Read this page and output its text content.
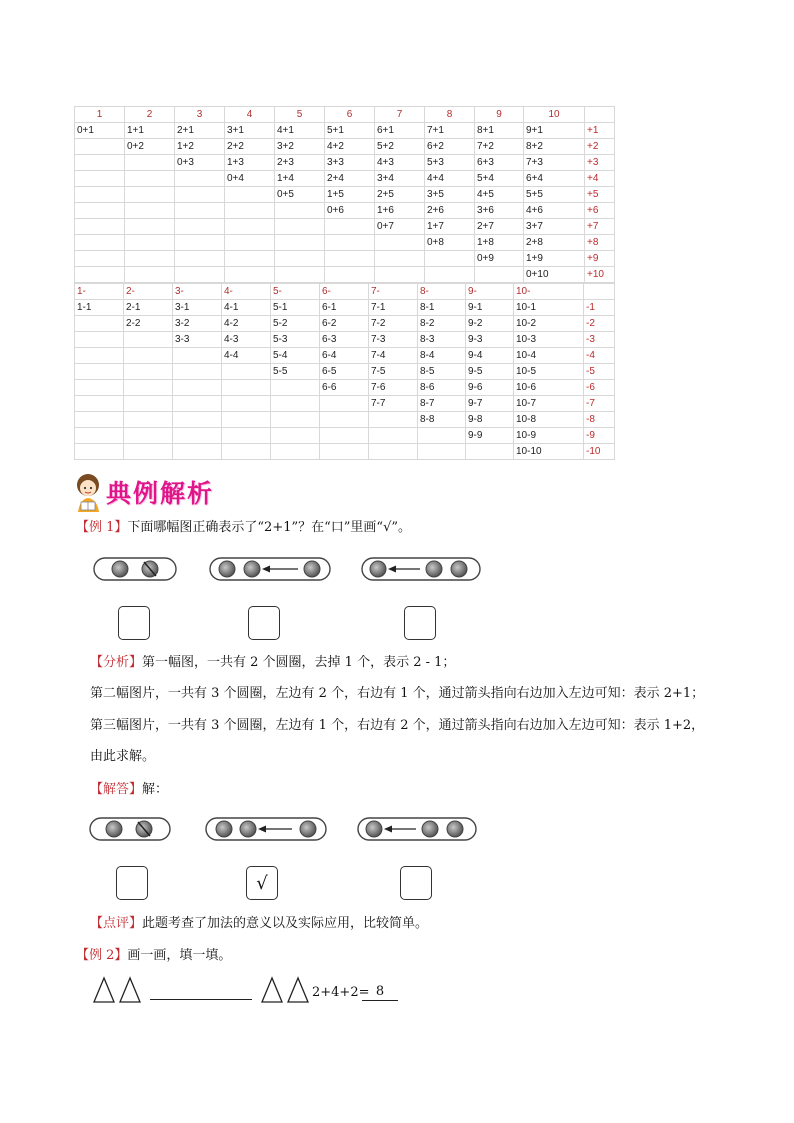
1	2	3	4	5	6	7	8	9	10	
0+1	1+1	2+1	3+1	4+1	5+1	6+1	7+1	8+1	9+1	+1
	0+2	1+2	2+2	3+2	4+2	5+2	6+2	7+2	8+2	+2
		0+3	1+3	2+3	3+3	4+3	5+3	6+3	7+3	+3
			0+4	1+4	2+4	3+4	4+4	5+4	6+4	+4
				0+5	1+5	2+5	3+5	4+5	5+5	+5
					0+6	1+6	2+6	3+6	4+6	+6
						0+7	1+7	2+7	3+7	+7
							0+8	1+8	2+8	+8
								0+9	1+9	+9
									0+10	+10
1-	2-	3-	4-	5-	6-	7-	8-	9-	10-	
1-1	2-1	3-1	4-1	5-1	6-1	7-1	8-1	9-1	10-1	-1
	2-2	3-2	4-2	5-2	6-2	7-2	8-2	9-2	10-2	-2
		3-3	4-3	5-3	6-3	7-3	8-3	9-3	10-3	-3
			4-4	5-4	6-4	7-4	8-4	9-4	10-4	-4
				5-5	6-5	7-5	8-5	9-5	10-5	-5
					6-6	7-6	8-6	9-6	10-6	-6
						7-7	8-7	9-7	10-7	-7
							8-8	9-8	10-8	-8
								9-9	10-9	-9
									10-10	-10
典例解析
【例 1】下面哪幅图正确表示了“2+1”？在“口”里画“√”。
【分析】第一幅图，一共有 2 个圆圈，去掉 1 个，表示 2 - 1；
第二幅图片，一共有 3 个圆圈，左边有 2 个，右边有 1 个，通过箭头指向右边加入左边可知：表示 2+1；
第三幅图片，一共有 3 个圆圈，左边有 1 个，右边有 2 个，通过箭头指向右边加入左边可知：表示 1+2，
由此求解。
【解答】解：
√
【点评】此题考查了加法的意义以及实际应用，比较简单。
【例 2】画一画，填一填。
2+4+2= 8
